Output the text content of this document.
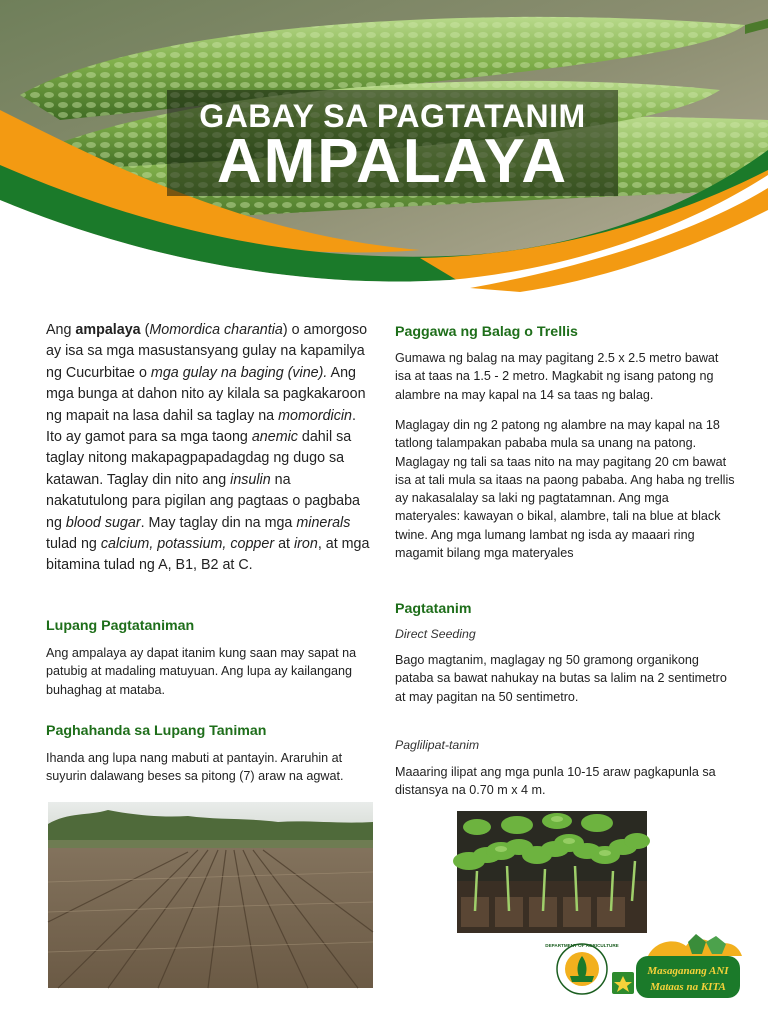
GABAY SA PAGTATANIM
AMPALAYA

Ang ampalaya (Momordica charantia) o amorgoso ay isa sa mga masustansyang gulay na kapamilya ng Cucurbitae o mga gulay na baging (vine). Ang mga bunga at dahon nito ay kilala sa pagkakaroon ng mapait na lasa dahil sa taglay na momordicin. Ito ay gamot para sa mga taong anemic dahil sa taglay nitong makapagpapadagdag ng dugo sa katawan. Taglay din nito ang insulin na nakatutulong para pigilan ang pagtaas o pagbaba ng blood sugar. May taglay din na mga minerals tulad ng calcium, potassium, copper at iron, at mga bitamina tulad ng A, B1, B2 at C.

Lupang Pagtataniman

Ang ampalaya ay dapat itanim kung saan may sapat na patubig at madaling matuyuan. Ang lupa ay kailangang buhaghag at mataba.

Paghahanda sa Lupang Taniman

Ihanda ang lupa nang mabuti at pantayin. Araruhin at suyurin dalawang beses sa pitong (7) araw na agwat.

Paggawa ng Balag o Trellis

Gumawa ng balag na may pagitang 2.5 x 2.5 metro bawat isa at taas na 1.5 - 2 metro. Magkabit ng isang patong ng alambre na may kapal na 14 sa taas ng balag.

Maglagay din ng 2 patong ng alambre na may kapal na 18 tatlong talampakan pababa mula sa unang na patong. Maglagay ng tali sa taas nito na may pagitang 20 cm bawat isa at tali mula sa itaas na paong pababa. Ang haba ng trellis ay nakasalalay sa laki ng pagtatamnan. Ang mga materyales: kawayan o bikal, alambre, tali na blue at black twine. Ang mga lumang lambat ng isda ay maaari ring magamit bilang mga materyales

Pagtatanim

Direct Seeding

Bago magtanim, maglagay ng 50 gramong organikong pataba sa bawat nahukay na butas sa lalim na 2 sentimetro at may pagitan na 50 sentimetro.

Paglilipat-tanim

Maaaring ilipat ang mga punla 10-15 araw pagkapunla sa distansya na 0.70 m x 4 m.

DEPARTMENT OF AGRICULTURE
Masaganang ANI
Mataas na KITA
